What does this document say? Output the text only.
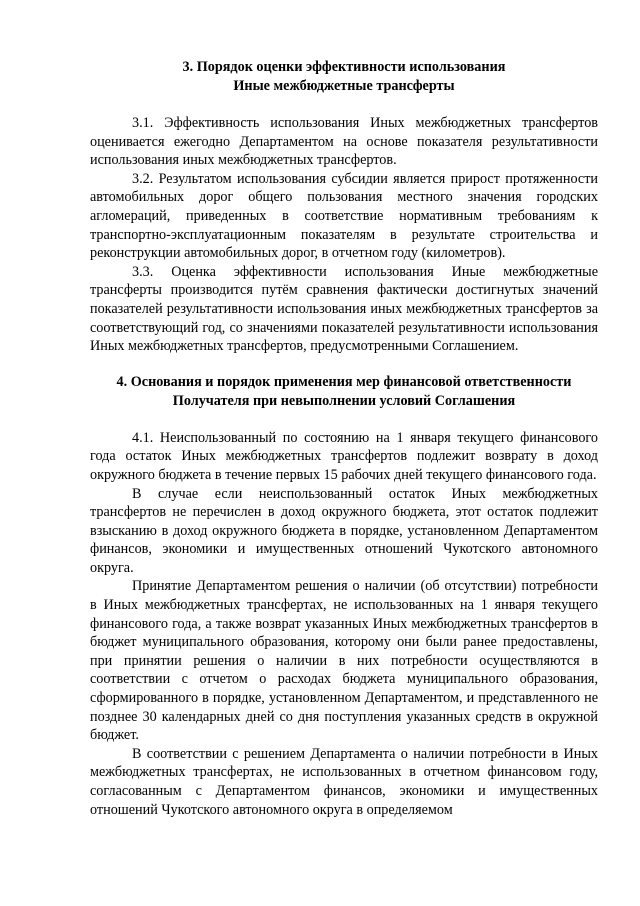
3. Порядок оценки эффективности использования

Иные межбюджетные трансферты

3.1. Эффективность использования Иных межбюджетных трансфертов оценивается ежегодно Департаментом на основе показателя результативности использования иных межбюджетных трансфертов.

3.2. Результатом использования субсидии является прирост протяженности автомобильных дорог общего пользования местного значения городских агломераций, приведенных в соответствие нормативным требованиям к транспортно-эксплуатационным показателям в результате строительства и реконструкции автомобильных дорог, в отчетном году (километров).

3.3. Оценка эффективности использования Иные межбюджетные трансферты производится путём сравнения фактически достигнутых значений показателей результативности использования иных межбюджетных трансфертов за соответствующий год, со значениями показателей результативности использования Иных межбюджетных трансфертов, предусмотренными Соглашением.

4. Основания и порядок применения мер финансовой ответственности

Получателя при невыполнении условий Соглашения

4.1. Неиспользованный по состоянию на 1 января текущего финансового года остаток Иных межбюджетных трансфертов подлежит возврату в доход окружного бюджета в течение первых 15 рабочих дней текущего финансового года.

В случае если неиспользованный остаток Иных межбюджетных трансфертов не перечислен в доход окружного бюджета, этот остаток подлежит взысканию в доход окружного бюджета в порядке, установленном Департаментом финансов, экономики и имущественных отношений Чукотского автономного округа.

Принятие Департаментом решения о наличии (об отсутствии) потребности в Иных межбюджетных трансфертах, не использованных на 1 января текущего финансового года, а также возврат указанных Иных межбюджетных трансфертов в бюджет муниципального образования, которому они были ранее предоставлены, при принятии решения о наличии в них потребности осуществляются в соответствии с отчетом о расходах бюджета муниципального образования, сформированного в порядке, установленном Департаментом, и представленного не позднее 30 календарных дней со дня поступления указанных средств в окружной бюджет.

В соответствии с решением Департамента о наличии потребности в Иных межбюджетных трансфертах, не использованных в отчетном финансовом году, согласованным с Департаментом финансов, экономики и имущественных отношений Чукотского автономного округа в определяемом
